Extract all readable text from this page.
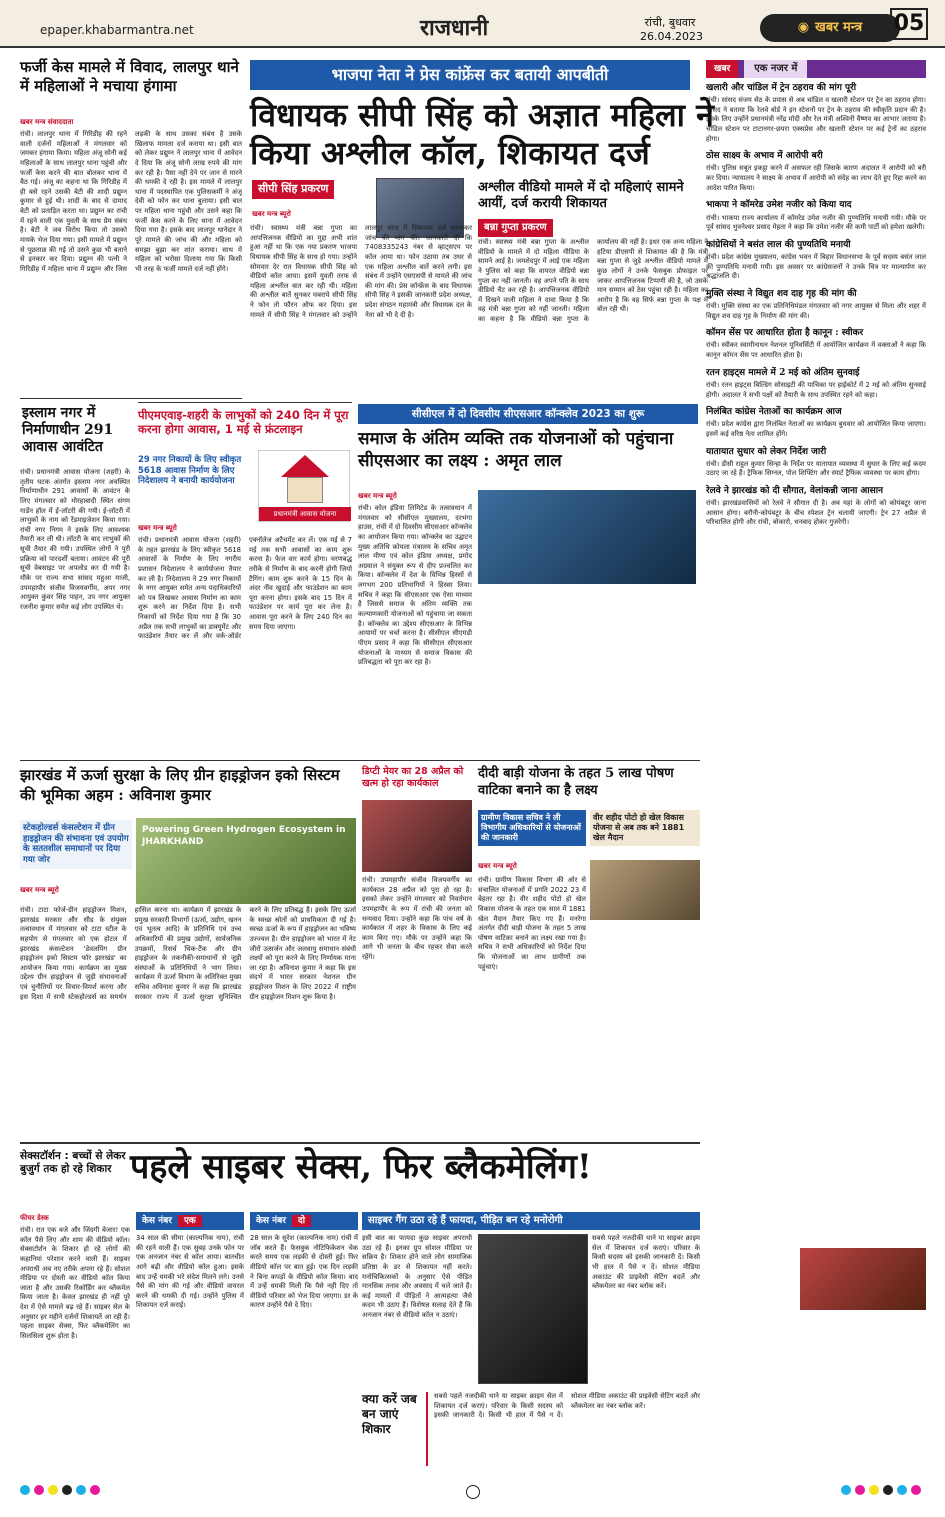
epaper.khabarmantra.net	राजधानी	रांची, बुधवार
26.04.2023
◉ खबर मन्त्र 05
फर्जी केस मामले में विवाद, लालपुर थाने में महिलाओं ने मचाया हंगामा
खबर मन्त्र संवाददाता
रांची। लालपुर थाना में गिरिडीह की रहने वाली दर्जनों महिलाओं ने मंगलवार को जमकर हंगामा किया। महिला अंजू सोनी कई महिलाओं के साथ लालपुर थाना पहुंची और फर्जी केस करने की बात बोलकर थाना में बैठ गई। अंजू का कहना था कि गिरिडीह में ही बसे रहने उसकी बेटी की शादी प्रद्युम्न कुमार से हुई थी। शादी के बाद से दामाद बेटी को प्रताड़ित करता था। प्रद्युम्न का रांची में रहने वाली एक युवती के साथ प्रेम संबंध है। बेटी ने जब विरोध किया तो उसको मायके भेज दिया गया। इसी मामले में प्रद्युम्न से पूछताछ की गई तो उसने कुछ भी बताने से इनकार कर दिया। प्रद्युम्न की पत्नी ने गिरिडीह में महिला थाना में प्रद्युम्न और जिस लड़की के साथ उसका संबंध है उसके खिलाफ मामला दर्ज कराया था। इसी बात को लेकर प्रद्युम्न ने लालपुर थाना में आवेदन दे दिया कि अंजू सोनी लाख रुपये की मांग कर रही है। पैसा नहीं देने पर जान से मारने की धमकी दे रही है। इस मामले में लालपुर थाना में पदस्थापित एक पुलिसकर्मी ने अंजू देवी को फोन कर थाना बुलाया। इसी बात पर महिला थाना पहुंची और उसने कहा कि फर्जी केस करने के लिए थाना में आवेदन दिया गया है। इसके बाद लालपुर थानेदार ने पूरे मामले की जांच की और महिला को समझा बुझा कर शांत कराया। साथ में महिला को भरोसा दिलाया गया कि किसी भी तरह के फर्जी मामले दर्ज नहीं होंगे।
इस्लाम नगर में निर्माणाधीन 291 आवास आवंटित
रांची। प्रधानमंत्री आवास योजना (शहरी) के तृतीय घटक अंतर्गत इस्लाम नगर अवस्थित निर्माणाधीन 291 आवासों के आवंटन के लिए मंगलवार को मोरहाबादी स्थित संगम गार्डेन हॉल में ई-लॉटरी की गयी। ई-लॉटरी में लाभुकों के नाम को रेंडमाइजेशन किया गया। रांची नगर निगम ने इसके लिए आवश्यक तैयारी कर ली थी। लॉटरी के बाद लाभुकों की सूची तैयार की गयी। उपस्थित लोगों ने पूरी प्रक्रिया को पारदर्शी बताया। आवंटन की पूरी सूची वेबसाइट पर अपलोड कर दी गयी है। मौके पर राज्य सभा सांसद महुआ माजी, उपमहापौर संजीव विजयवर्गीय, अपर नगर आयुक्त कुंवर सिंह पाहन, उप नगर आयुक्त रजनीश कुमार समेत कई लोग उपस्थित थे।
भाजपा नेता ने प्रेस कांफ्रेंस कर बतायी आपबीती
विधायक सीपी सिंह को अज्ञात महिला ने किया अश्लील कॉल, शिकायत दर्ज
सीपी सिंह प्रकरण
खबर मन्त्र ब्यूरो
रांची। स्वास्थ्य मंत्री बन्ना गुप्ता का आपत्तिजनक वीडियो का मुद्दा अभी शांत हुआ नहीं था कि एक नया प्रकरण भाजपा विधायक सीपी सिंह के साथ हो गया। उन्होंने सोमवार देर रात विधायक सीपी सिंह को वीडियो कॉल आया। इसमें युवती तरफ से महिला अश्लील बात कर रही थी। महिला की अश्लील बातें सुनकर घबराये सीपी सिंह ने फोन तो फौरन ऑफ कर दिया। इस मामले में सीपी सिंह ने मंगलवार को उन्होंने लालपुर थाना में शिकायत दर्ज करवाकर जांच की मांग की। जानकारी दी कि 7408335243 नंबर से व्हाट्सएप पर कॉल आया था। फोन उठाया तब उधर से एक महिला अश्लील बातें करने लगी। इस संबंध में उन्होंने एसएसपी से मामले की जांच की मांग की। प्रेस कॉन्फ्रेंस के बाद विधायक सीपी सिंह ने इसकी जानकारी प्रदेश अध्यक्ष, प्रदेश संगठन महामंत्री और विधायक दल के नेता को भी दे दी है।
अश्लील वीडियो मामले में दो महिलाएं सामने आयीं, दर्ज करायी शिकायत
बन्ना गुप्ता प्रकरण
रांची। स्वास्थ्य मंत्री बन्ना गुप्ता के अश्लील वीडियो के मामले में दो महिला मीडिया के सामने आई है। जमशेदपुर में आई एक महिला ने पुलिस को कहा कि वायरल वीडियो बन्ना गुप्ता का नहीं जानती। वह अपने पति के साथ वीडियो चैट कर रही है। आपत्तिजनक वीडियो में दिखने वाली महिला ने दावा किया है कि वह मंत्री बन्ना गुप्ता को नहीं जानती। महिला का कहना है कि वीडियो बन्ना गुप्ता के कार्यालय की नहीं है। इधर एक अन्य महिला ने हटिया डीएसपी से शिकायत की है कि मंत्री बन्ना गुप्ता से जुड़े अश्लील वीडियो मामले में कुछ लोगों ने उनके फेसबुक प्रोफाइल पर जाकर आपत्तिजनक टिप्पणी की है, जो उसके मान सम्मान को ठेस पहुंचा रही है। महिला का आरोप है कि वह सिर्फ बन्ना गुप्ता के पक्ष में बोल रही थी।
पीएमएवाइ-शहरी के लाभुकों को 240 दिन में पूरा करना होगा आवास, 1 मई से फ्रंटलाइन
29 नगर निकायों के लिए स्वीकृत 5618 आवास निर्माण के लिए निदेशालय ने बनायी कार्ययोजना
प्रधानमंत्री आवास योजना
खबर मन्त्र ब्यूरो
रांची। प्रधानमंत्री आवास योजना (शहरी) के तहत झारखंड के लिए स्वीकृत 5618 आवासों के निर्माण के लिए नगरीय प्रशासन निदेशालय ने कार्ययोजना तैयार कर ली है। निदेशालय ने 29 नगर निकायों के नगर आयुक्त समेत अन्य पदाधिकारियों को पत्र लिखकर आवास निर्माण का काम शुरू करने का निर्देश दिया है। सभी निकायों को निर्देश दिया गया है कि 30 अप्रैल तक सभी लाभुकों का डाक्यूमेंट और फाउंडेशन तैयार कर लें और वर्क-ऑर्डर एक्नॉलेज अटैचमेंट कर लें। एक मई से 7 मई तक सभी आवासों का काम शुरू करना है। फेज वार कार्य होगा। चरणबद्ध तरीके से निर्माण के बाद करनी होगी जियो टैगिंग। काम शुरू करने के 15 दिन के अंदर नींव खुदाई और फाउंडेशन का काम पूरा करना होगा। इसके बाद 15 दिन में फाउंडेशन पर कार्य पूरा कर लेना है। आवास पूरा करने के लिए 240 दिन का समय दिया जाएगा।
सीसीएल में दो दिवसीय सीएसआर कॉन्क्लेव 2023 का शुरू
समाज के अंतिम व्यक्ति तक योजनाओं को पहुंचाना सीएसआर का लक्ष्य : अमृत लाल
खबर मन्त्र ब्यूरो
रांची। कोल इंडिया लिमिटेड के तत्वावधान में मंगलवार को सीसीएल मुख्यालय, दरभंगा हाउस, रांची में दो दिवसीय सीएसआर कॉन्क्लेव का आयोजन किया गया। कॉन्क्लेव का उद्घाटन मुख्य अतिथि कोयला मंत्रालय के सचिव अमृत लाल मीणा एवं कोल इंडिया अध्यक्ष, प्रमोद अग्रवाल ने संयुक्त रूप से दीप प्रज्वलित कर किया। कॉन्क्लेव में देश के विभिन्न हिस्सों से लगभग 200 प्रतिभागियों ने हिस्सा लिया। सचिव ने कहा कि सीएसआर एक ऐसा माध्यम है जिससे समाज के अंतिम व्यक्ति तक कल्याणकारी योजनाओं को पहुंचाया जा सकता है। कॉन्क्लेव का उद्देश्य सीएसआर के विभिन्न आयामों पर चर्चा करना है। सीसीएल सीएमडी पीएम प्रसाद ने कहा कि सीसीएल सीएसआर योजनाओं के माध्यम से समाज विकास की प्रतिबद्धता को पूरा कर रहा है।
झारखंड में ऊर्जा सुरक्षा के लिए ग्रीन हाइड्रोजन इको सिस्टम की भूमिका अहम : अविनाश कुमार
स्टेकहोल्डर्स कंसल्टेशन में ग्रीन हाइड्रोजन की संभावना एवं उपयोग के सततशील समाधानों पर दिया गया जोर
Powering Green Hydrogen Ecosystem in JHARKHAND
खबर मन्त्र ब्यूरो
रांची। टाटा फोर्ज-ग्रीन हाइड्रोजन मिशन, झारखंड सरकार और सीड के संयुक्त तत्वावधान में मंगलवार को टाटा स्टील के सहयोग से मंगलवार को एक होटल में झारखंड कंसल्टेशन 'डेवलपिंग ग्रीन हाइड्रोजन इको सिस्टम फॉर झारखंड' का आयोजन किया गया। कार्यक्रम का मुख्य उद्देश्य ग्रीन हाइड्रोजन से जुड़ी संभावनाओं एवं चुनौतियों पर विचार-विमर्श करना और इस दिशा में सभी स्टेकहोल्डर्स का समर्थन हासिल करना था। कार्यक्रम में झारखंड के प्रमुख सरकारी विभागों (ऊर्जा, उद्योग, खनन एवं भूतत्व आदि) के प्रतिनिधि एवं उच्च अधिकारियों की प्रमुख उद्योगों, सार्वजनिक उपक्रमों, रिसर्च थिंक-टैंक और ग्रीन हाइड्रोजन के तकनीकी-समाधानों से जुड़ी संस्थाओं के प्रतिनिधियों ने भाग लिया। कार्यक्रम में ऊर्जा विभाग के अतिरिक्त मुख्य सचिव अविनाश कुमार ने कहा कि झारखंड सरकार राज्य में ऊर्जा सुरक्षा सुनिश्चित करने के लिए प्रतिबद्ध है। इसके लिए ऊर्जा के स्वच्छ स्रोतों को प्राथमिकता दी गई है। स्वच्छ ऊर्जा के रूप में हाइड्रोजन का भविष्य उज्ज्वल है। ग्रीन हाइड्रोजन को भारत में नेट जीरो उत्सर्जन और जलवायु समाधान संबंधी लक्ष्यों को पूरा करने के लिए निर्णायक माना जा रहा है। अविनाश कुमार ने कहा कि इस संदर्भ में भारत सरकार नेशनल ग्रीन हाइड्रोजन मिशन के लिए 2022 में राष्ट्रीय ग्रीन हाइड्रोजन मिशन शुरू किया है।
डिप्टी मेयर का 28 अप्रैल को खत्म हो रहा कार्यकाल
रांची। उपमहापौर संजीव विजयवर्गीय का कार्यकाल 28 अप्रैल को पूरा हो रहा है। इसको लेकर उन्होंने मंगलवार को निवर्तमान उपमहापौर के रूप में रांची की जनता को धन्यवाद दिया। उन्होंने कहा कि पांच वर्ष के कार्यकाल में शहर के विकास के लिए कई काम किए गए। मौके पर उन्होंने कहा कि आगे भी जनता के बीच रहकर सेवा करते रहेंगे।
दीदी बाड़ी योजना के तहत 5 लाख पोषण वाटिका बनाने का है लक्ष्य
ग्रामीण विकास सचिव ने ली विभागीय अधिकारियों से योजनाओं की जानकारी
वीर शहीद पोटो हो खेल विकास योजना से अब तक बने 1881 खेल मैदान
खबर मन्त्र ब्यूरो
रांची। ग्रामीण विकास विभाग की ओर से संचालित योजनाओं में प्रगति 2022 23 में बेहतर रहा है। वीर शहीद पोटो हो खेल विकास योजना के तहत एक साल में 1881 खेल मैदान तैयार किए गए हैं। मनरेगा अंतर्गत दीदी बाड़ी योजना के तहत 5 लाख पोषण वाटिका बनाने का लक्ष्य रखा गया है। सचिव ने सभी अधिकारियों को निर्देश दिया कि योजनाओं का लाभ ग्रामीणों तक पहुंचाएं।
सेक्सटॉर्शन : बच्चों से लेकर बुजुर्ग तक हो रहे शिकार पहले साइबर सेक्स, फिर ब्लैकमेलिंग!
फीचर डेस्क
रांची। रात एक बजे और जिंदगी बेजार! एक कॉल पैसे लिए और शाम की वीडियो कॉल। सेक्सटॉर्शन के शिकार हो रहे लोगों की कहानियां परेशान करने वाली हैं। साइबर अपराधी अब नए तरीके अपना रहे हैं। सोशल मीडिया पर दोस्ती कर वीडियो कॉल किया जाता है और उसकी रिकॉर्डिंग कर ब्लैकमेल किया जाता है। केवल झारखंड ही नहीं पूरे देश में ऐसे मामले बढ़ रहे हैं। साइबर सेल के अनुसार हर महीने दर्जनों शिकायतें आ रही हैं। पहला साइबर सेक्स, फिर ब्लैकमेलिंग का सिलसिला शुरू होता है।
केस नंबर	एक
34 साल की सीमा (काल्पनिक नाम), रांची की रहने वाली हैं। एक सुबह उनके फोन पर एक अनजान नंबर से कॉल आया। बातचीत आगे बढ़ी और वीडियो कॉल हुआ। इसके बाद उन्हें धमकी भरे संदेश मिलने लगे। उनसे पैसे की मांग की गई और वीडियो वायरल करने की धमकी दी गई। उन्होंने पुलिस में शिकायत दर्ज कराई।
केस नंबर	दो
28 साल के सुरेश (काल्पनिक नाम) रांची में जॉब करते हैं। फेसबुक नोटिफिकेशन चेक करते समय एक लड़की से दोस्ती हुई। फिर वीडियो कॉल पर बात हुई। एक दिन लड़की ने बिना कपड़ों के वीडियो कॉल किया। बाद में उन्हें धमकी मिली कि पैसे नहीं दिए तो वीडियो परिवार को भेज दिया जाएगा। डर के कारण उन्होंने पैसे दे दिए।
साइबर गैंग उठा रहे हैं फायदा, पीड़ित बन रहे मनोरोगी
इसी बात का फायदा कुछ साइबर अपराधी उठा रहे हैं। इनका ग्रुप सोशल मीडिया पर सक्रिय है। शिकार होने वाले लोग सामाजिक प्रतिष्ठा के डर से शिकायत नहीं करते। मनोचिकित्सकों के अनुसार ऐसे पीड़ित मानसिक तनाव और अवसाद में चले जाते हैं। कई मामलों में पीड़ितों ने आत्महत्या जैसे कदम भी उठाए हैं। विशेषज्ञ सलाह देते हैं कि अनजान नंबर से वीडियो कॉल न उठाएं।
सबसे पहले नजदीकी थाने या साइबर क्राइम सेल में शिकायत दर्ज कराएं। परिवार के किसी सदस्य को इसकी जानकारी दें। किसी भी हाल में पैसे न दें। सोशल मीडिया अकाउंट की प्राइवेसी सेटिंग बदलें और ब्लैकमेलर का नंबर ब्लॉक करें।
क्या करें जब बन जाएं शिकार
सबसे पहले नजदीकी थाने या साइबर क्राइम सेल में शिकायत दर्ज कराएं। परिवार के किसी सदस्य को इसकी जानकारी दें। किसी भी हाल में पैसे न दें। सोशल मीडिया अकाउंट की प्राइवेसी सेटिंग बदलें और ब्लैकमेलर का नंबर ब्लॉक करें।
खबर	एक नजर में
खलारी और चांडिल में ट्रेन ठहराव की मांग पूरी
रांची। सांसद संजय सेठ के प्रयास से अब चांडिल व खलारी स्टेशन पर ट्रेन का ठहराव होगा। सांसद ने बताया कि रेलवे बोर्ड ने इन स्टेशनों पर ट्रेन के ठहराव की स्वीकृति प्रदान की है। इसके लिए उन्होंने प्रधानमंत्री नरेंद्र मोदी और रेल मंत्री अश्विनी वैष्णव का आभार जताया है। चांडिल स्टेशन पर टाटानगर-छपरा एक्सप्रेस और खलारी स्टेशन पर कई ट्रेनों का ठहराव होगा।
ठोस साक्ष्य के अभाव में आरोपी बरी
रांची। पुलिस सबूत इकट्ठा करने में असफल रही जिसके कारण अदालत ने आरोपी को बरी कर दिया। न्यायालय ने साक्ष्य के अभाव में आरोपी को संदेह का लाभ देते हुए रिहा करने का आदेश पारित किया।
भाकपा ने कॉमरेड उमेश नजीर को किया याद
रांची। भाकपा राज्य कार्यालय में कॉमरेड उमेश नजीर की पुण्यतिथि मनायी गयी। मौके पर पूर्व सांसद भुवनेश्वर प्रसाद मेहता ने कहा कि उमेश नजीर की कमी पार्टी को हमेशा खलेगी।
कांग्रेसियों ने बसंत लाल की पुण्यतिथि मनायी
रांची। प्रदेश कांग्रेस मुख्यालय, कांग्रेस भवन में बिहार विधानसभा के पूर्व सदस्य बसंत लाल की पुण्यतिथि मनायी गयी। इस अवसर पर कांग्रेसजनों ने उनके चित्र पर माल्यार्पण कर श्रद्धांजलि दी।
मुक्ति संस्था ने विद्युत शव दाह गृह की मांग की
रांची। मुक्ति संस्था का एक प्रतिनिधिमंडल मंगलवार को नगर आयुक्त से मिला और शहर में विद्युत शव दाह गृह के निर्माण की मांग की।
कॉमन सेंस पर आधारित होता है कानून : स्वीकर
रांची। स्वीकर स्वामीनाथन नेशनल यूनिवर्सिटी में आयोजित कार्यक्रम में वक्ताओं ने कहा कि कानून कॉमन सेंस पर आधारित होता है।
रतन हाइट्स मामले में 2 मई को अंतिम सुनवाई
रांची। रतन हाइट्स बिल्डिंग सोसाइटी की याचिका पर हाईकोर्ट में 2 मई को अंतिम सुनवाई होगी। अदालत ने सभी पक्षों को तैयारी के साथ उपस्थित रहने को कहा।
निलंबित कांग्रेस नेताओं का कार्यक्रम आज
रांची। प्रदेश कांग्रेस द्वारा निलंबित नेताओं का कार्यक्रम बुधवार को आयोजित किया जाएगा। इसमें कई वरिष्ठ नेता शामिल होंगे।
यातायात सुधार को लेकर निर्देश जारी
रांची। डीसी राहुल कुमार सिन्हा के निर्देश पर यातायात व्यवस्था में सुधार के लिए कई कदम उठाए जा रहे हैं। ट्रैफिक सिग्नल, पोल शिफ्टिंग और स्मार्ट ट्रैफिक व्यवस्था पर काम होगा।
रेलवे ने झारखंड को दी सौगात, वेलांकन्नी जाना आसान
रांची। झारखंडवासियों को रेलवे ने सौगात दी है। अब यहां के लोगों को कोयंबटूर जाना आसान होगा। बरौनी-कोयंबटूर के बीच स्पेशल ट्रेन चलायी जाएगी। ट्रेन 27 अप्रैल से परिचालित होगी और रांची, बोकारो, धनबाद होकर गुजरेगी।
